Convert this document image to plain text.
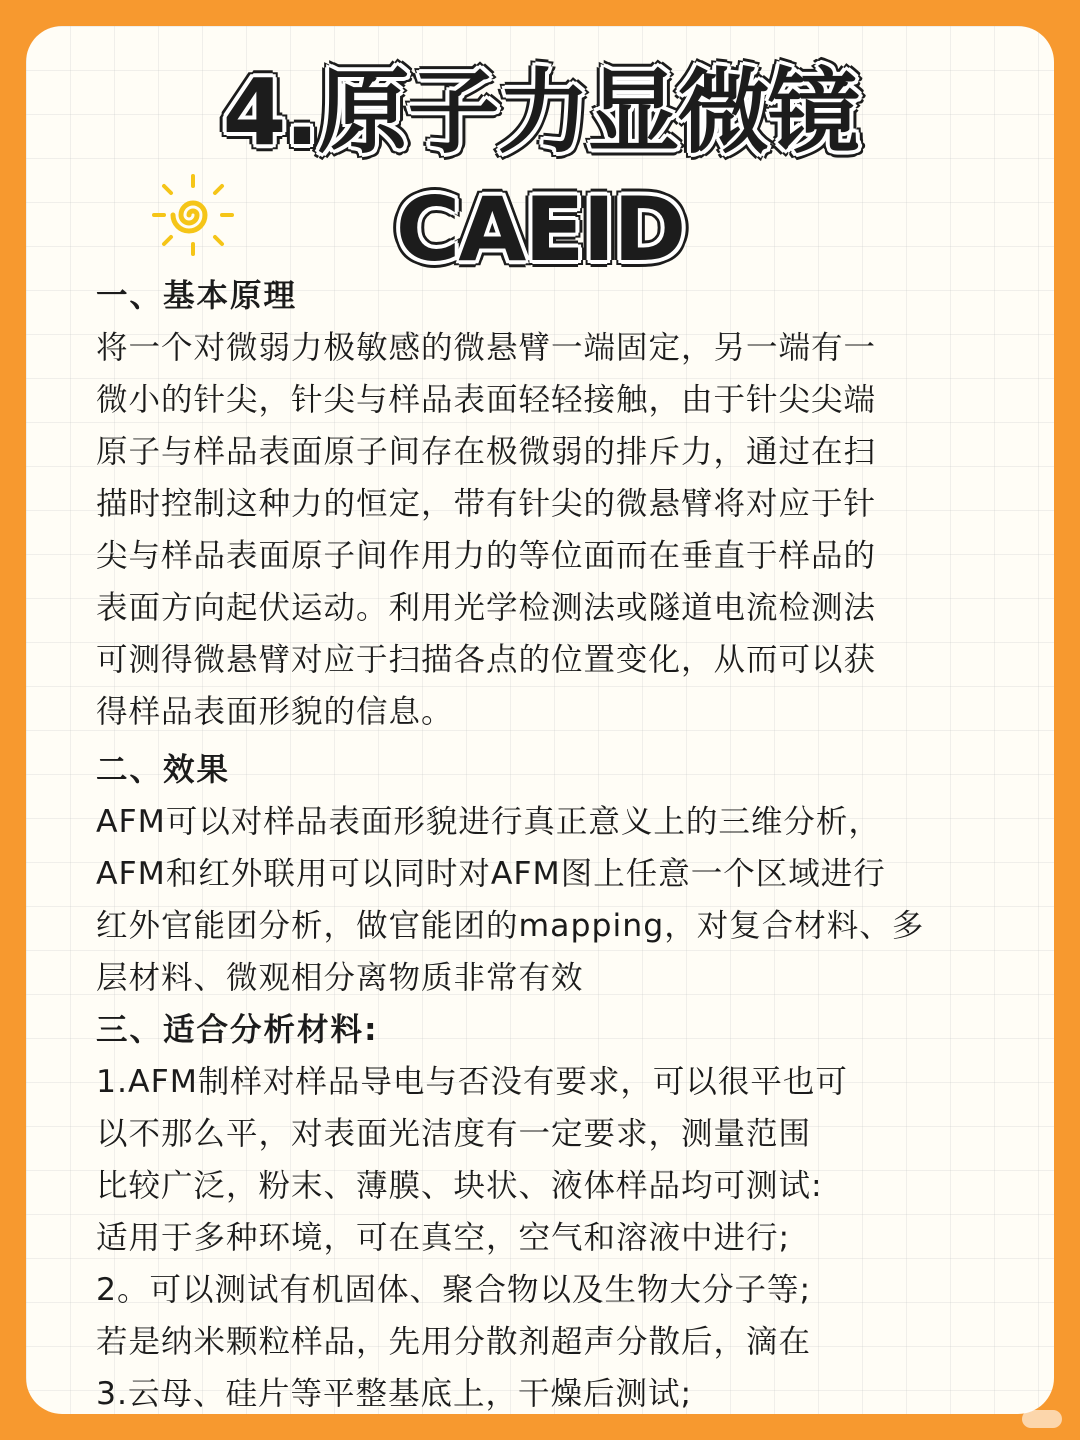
4.原子力显微镜
CAEID
一、基本原理
将一个对微弱力极敏感的微悬臂一端固定，另一端有一
微小的针尖，针尖与样品表面轻轻接触，由于针尖尖端
原子与样品表面原子间存在极微弱的排斥力，通过在扫
描时控制这种力的恒定，带有针尖的微悬臂将对应于针
尖与样品表面原子间作用力的等位面而在垂直于样品的
表面方向起伏运动。利用光学检测法或隧道电流检测法
可测得微悬臂对应于扫描各点的位置变化，从而可以获
得样品表面形貌的信息。
二、效果
AFM可以对样品表面形貌进行真正意义上的三维分析，
AFM和红外联用可以同时对AFM图上任意一个区域进行
红外官能团分析，做官能团的mapping，对复合材料、多
层材料、微观相分离物质非常有效
三、适合分析材料:
1.AFM制样对样品导电与否没有要求，可以很平也可
以不那么平，对表面光洁度有一定要求，测量范围
比较广泛，粉末、薄膜、块状、液体样品均可测试:
适用于多种环境，可在真空，空气和溶液中进行;
2。可以测试有机固体、聚合物以及生物大分子等;
若是纳米颗粒样品，先用分散剂超声分散后，滴在
3.云母、硅片等平整基底上，干燥后测试;
